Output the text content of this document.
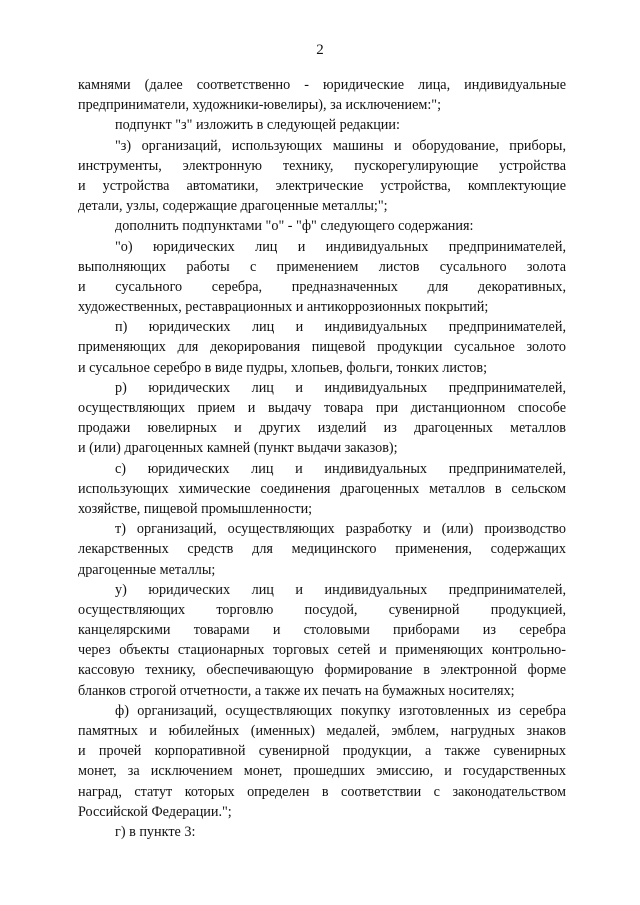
2
камнями (далее соответственно - юридические лица, индивидуальные
предприниматели, художники-ювелиры), за исключением:";
подпункт "з" изложить в следующей редакции:
"з) организаций, использующих машины и оборудование, приборы,
инструменты, электронную технику, пускорегулирующие устройства
и устройства автоматики, электрические устройства, комплектующие
детали, узлы, содержащие драгоценные металлы;";
дополнить подпунктами "о" - "ф" следующего содержания:
"о) юридических лиц и индивидуальных предпринимателей,
выполняющих работы с применением листов сусального золота
и сусального серебра, предназначенных для декоративных,
художественных, реставрационных и антикоррозионных покрытий;
п) юридических лиц и индивидуальных предпринимателей,
применяющих для декорирования пищевой продукции сусальное золото
и сусальное серебро в виде пудры, хлопьев, фольги, тонких листов;
р) юридических лиц и индивидуальных предпринимателей,
осуществляющих прием и выдачу товара при дистанционном способе
продажи ювелирных и других изделий из драгоценных металлов
и (или) драгоценных камней (пункт выдачи заказов);
с) юридических лиц и индивидуальных предпринимателей,
использующих химические соединения драгоценных металлов в сельском
хозяйстве, пищевой промышленности;
т) организаций, осуществляющих разработку и (или) производство
лекарственных средств для медицинского применения, содержащих
драгоценные металлы;
у) юридических лиц и индивидуальных предпринимателей,
осуществляющих торговлю посудой, сувенирной продукцией,
канцелярскими товарами и столовыми приборами из серебра
через объекты стационарных торговых сетей и применяющих контрольно-
кассовую технику, обеспечивающую формирование в электронной форме
бланков строгой отчетности, а также их печать на бумажных носителях;
ф) организаций, осуществляющих покупку изготовленных из серебра
памятных и юбилейных (именных) медалей, эмблем, нагрудных знаков
и прочей корпоративной сувенирной продукции, а также сувенирных
монет, за исключением монет, прошедших эмиссию, и государственных
наград, статут которых определен в соответствии с законодательством
Российской Федерации.";
г) в пункте 3:
